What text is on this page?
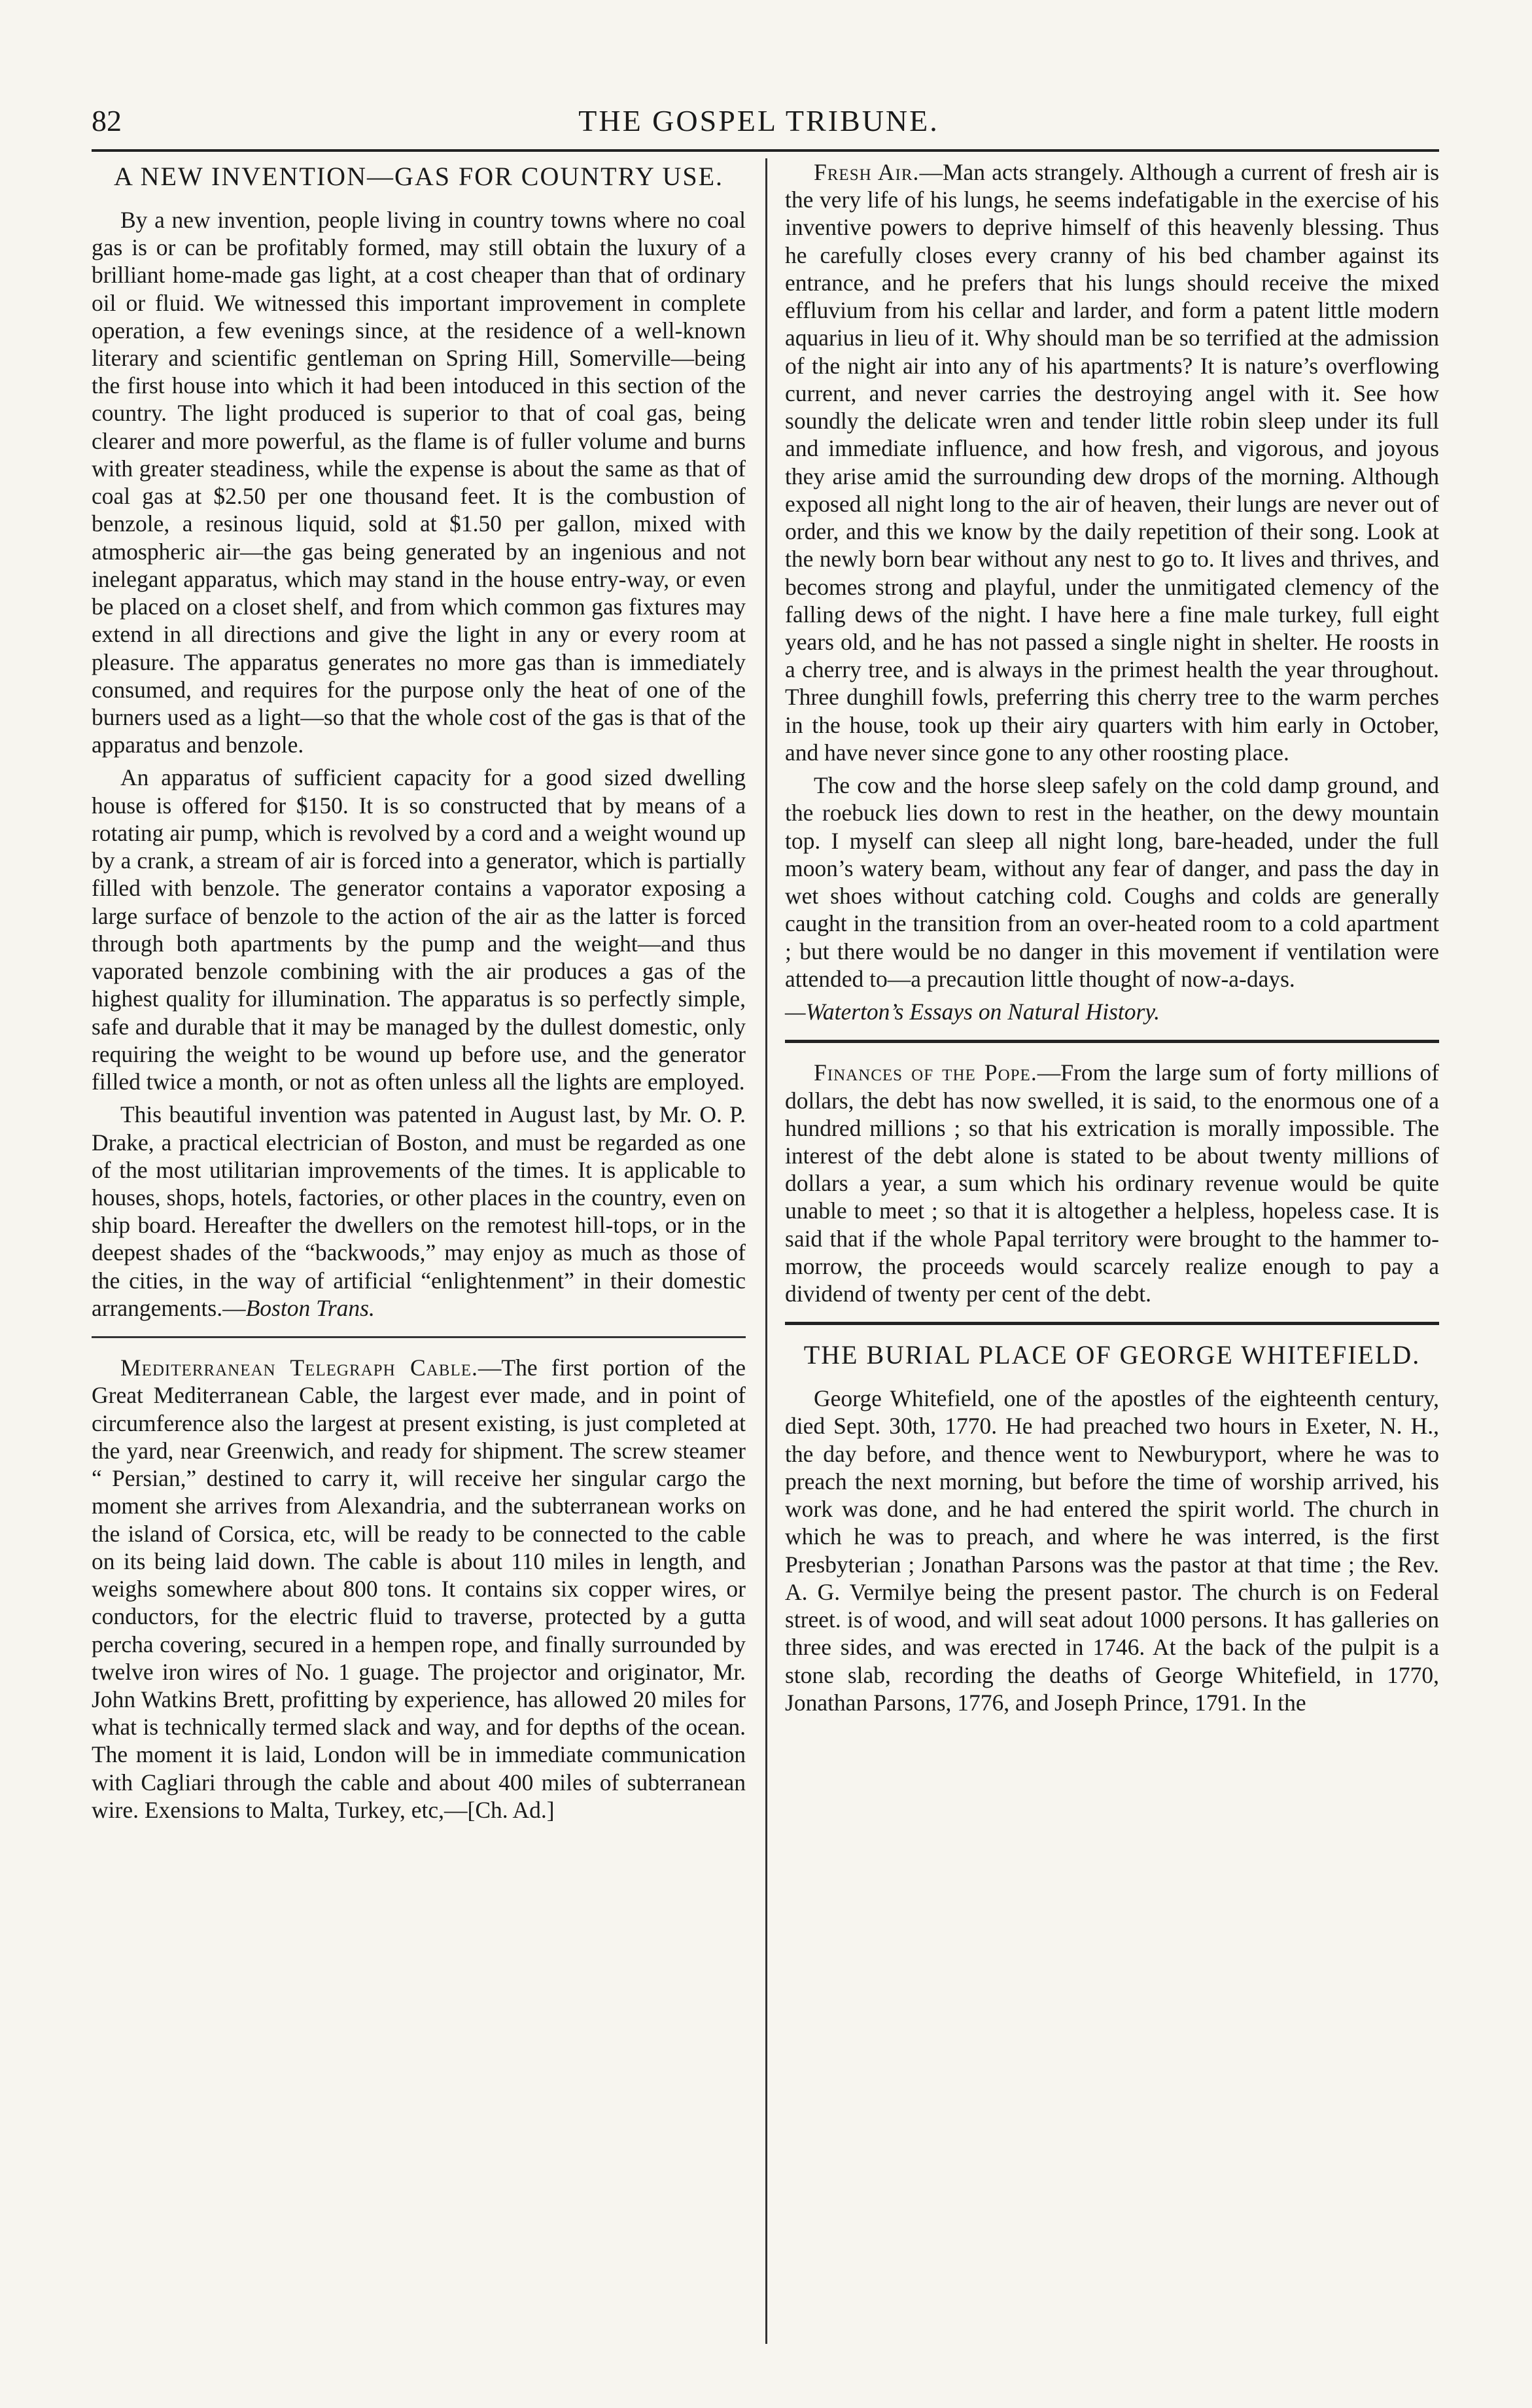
82	THE GOSPEL TRIBUNE.
A NEW INVENTION—GAS FOR COUNTRY USE.

By a new invention, people living in country towns where no coal gas is or can be profitably formed, may still obtain the luxury of a brilliant home-made gas light, at a cost cheaper than that of ordinary oil or fluid. We witnessed this important improvement in complete operation, a few evenings since, at the residence of a well-known literary and scientific gentleman on Spring Hill, Somerville—being the first house into which it had been intoduced in this section of the country. The light produced is superior to that of coal gas, being clearer and more powerful, as the flame is of fuller volume and burns with greater steadiness, while the expense is about the same as that of coal gas at $2.50 per one thousand feet. It is the combustion of benzole, a resinous liquid, sold at $1.50 per gallon, mixed with atmospheric air—the gas being generated by an ingenious and not inelegant apparatus, which may stand in the house entry-way, or even be placed on a closet shelf, and from which common gas fixtures may extend in all directions and give the light in any or every room at pleasure. The apparatus generates no more gas than is immediately consumed, and requires for the purpose only the heat of one of the burners used as a light—so that the whole cost of the gas is that of the apparatus and benzole.

An apparatus of sufficient capacity for a good sized dwelling house is offered for $150. It is so constructed that by means of a rotating air pump, which is revolved by a cord and a weight wound up by a crank, a stream of air is forced into a generator, which is partially filled with benzole. The generator contains a vaporator exposing a large surface of benzole to the action of the air as the latter is forced through both apartments by the pump and the weight—and thus vaporated benzole combining with the air produces a gas of the highest quality for illumination. The apparatus is so perfectly simple, safe and durable that it may be managed by the dullest domestic, only requiring the weight to be wound up before use, and the generator filled twice a month, or not as often unless all the lights are employed.

This beautiful invention was patented in August last, by Mr. O. P. Drake, a practical electrician of Boston, and must be regarded as one of the most utilitarian improvements of the times. It is applicable to houses, shops, hotels, factories, or other places in the country, even on ship board. Hereafter the dwellers on the remotest hill-tops, or in the deepest shades of the “backwoods,” may enjoy as much as those of the cities, in the way of artificial “enlightenment” in their domestic arrangements.—Boston Trans.

Mediterranean Telegraph Cable.—The first portion of the Great Mediterranean Cable, the largest ever made, and in point of circumference also the largest at present existing, is just completed at the yard, near Greenwich, and ready for shipment. The screw steamer “ Persian,” destined to carry it, will receive her singular cargo the moment she arrives from Alexandria, and the subterranean works on the island of Corsica, etc, will be ready to be connected to the cable on its being laid down. The cable is about 110 miles in length, and weighs somewhere about 800 tons. It contains six copper wires, or conductors, for the electric fluid to traverse, protected by a gutta percha covering, secured in a hempen rope, and finally surrounded by twelve iron wires of No. 1 guage. The projector and originator, Mr. John Watkins Brett, profitting by experience, has allowed 20 miles for what is technically termed slack and way, and for depths of the ocean. The moment it is laid, London will be in immediate communication with Cagliari through the cable and about 400 miles of subterranean wire. Exensions to Malta, Turkey, etc,—[Ch. Ad.]

Fresh Air.—Man acts strangely. Although a current of fresh air is the very life of his lungs, he seems indefatigable in the exercise of his inventive powers to deprive himself of this heavenly blessing. Thus he carefully closes every cranny of his bed chamber against its entrance, and he prefers that his lungs should receive the mixed effluvium from his cellar and larder, and form a patent little modern aquarius in lieu of it. Why should man be so terrified at the admission of the night air into any of his apartments? It is nature’s overflowing current, and never carries the destroying angel with it. See how soundly the delicate wren and tender little robin sleep under its full and immediate influence, and how fresh, and vigorous, and joyous they arise amid the surrounding dew drops of the morning. Although exposed all night long to the air of heaven, their lungs are never out of order, and this we know by the daily repetition of their song. Look at the newly born bear without any nest to go to. It lives and thrives, and becomes strong and playful, under the unmitigated clemency of the falling dews of the night. I have here a fine male turkey, full eight years old, and he has not passed a single night in shelter. He roosts in a cherry tree, and is always in the primest health the year throughout. Three dunghill fowls, preferring this cherry tree to the warm perches in the house, took up their airy quarters with him early in October, and have never since gone to any other roosting place.

The cow and the horse sleep safely on the cold damp ground, and the roebuck lies down to rest in the heather, on the dewy mountain top. I myself can sleep all night long, bare-headed, under the full moon’s watery beam, without any fear of danger, and pass the day in wet shoes without catching cold. Coughs and colds are generally caught in the transition from an over-heated room to a cold apartment ; but there would be no danger in this movement if ventilation were attended to—a precaution little thought of now-a-days.

—Waterton’s Essays on Natural History.

Finances of the Pope.—From the large sum of forty millions of dollars, the debt has now swelled, it is said, to the enormous one of a hundred millions ; so that his extrication is morally impossible. The interest of the debt alone is stated to be about twenty millions of dollars a year, a sum which his ordinary revenue would be quite unable to meet ; so that it is altogether a helpless, hopeless case. It is said that if the whole Papal territory were brought to the hammer to-morrow, the proceeds would scarcely realize enough to pay a dividend of twenty per cent of the debt.

THE BURIAL PLACE OF GEORGE WHITEFIELD.

George Whitefield, one of the apostles of the eighteenth century, died Sept. 30th, 1770. He had preached two hours in Exeter, N. H., the day before, and thence went to Newburyport, where he was to preach the next morning, but before the time of worship arrived, his work was done, and he had entered the spirit world. The church in which he was to preach, and where he was interred, is the first Presbyterian ; Jonathan Parsons was the pastor at that time ; the Rev. A. G. Vermilye being the present pastor. The church is on Federal street. is of wood, and will seat adout 1000 persons. It has galleries on three sides, and was erected in 1746. At the back of the pulpit is a stone slab, recording the deaths of George Whitefield, in 1770, Jonathan Parsons, 1776, and Joseph Prince, 1791. In the
